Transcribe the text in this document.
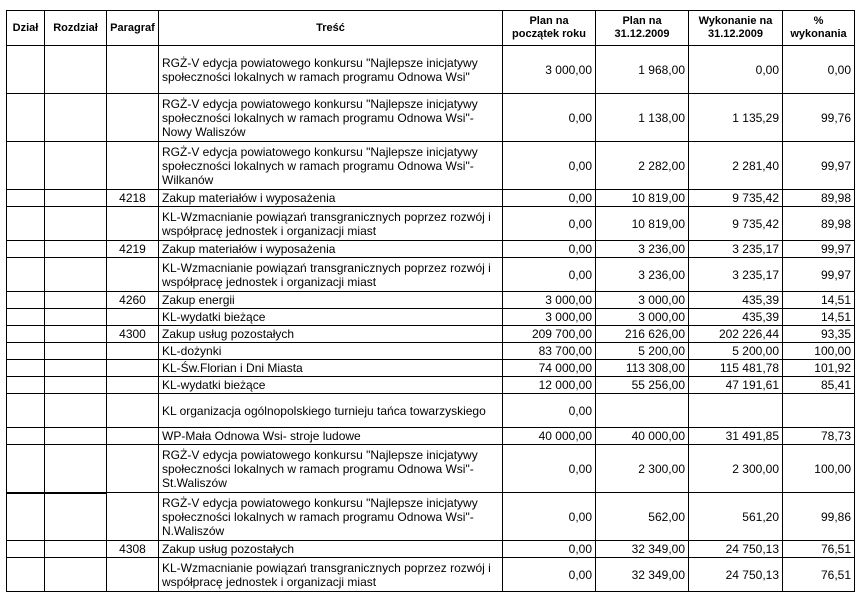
Dział	Rozdział	Paragraf	Treść	Plan na początek roku	Plan na 31.12.2009	Wykonanie na 31.12.2009	% wykonania

			RGŻ-V edycja powiatowego konkursu "Najlepsze inicjatywy społeczności lokalnych w ramach programu Odnowa Wsi"	3 000,00	1 968,00	0,00	0,00

			RGŻ-V edycja powiatowego konkursu "Najlepsze inicjatywy społeczności lokalnych w ramach programu Odnowa Wsi"-Nowy Waliszów	0,00	1 138,00	1 135,29	99,76

			RGŻ-V edycja powiatowego konkursu "Najlepsze inicjatywy społeczności lokalnych w ramach programu Odnowa Wsi"-Wilkanów	0,00	2 282,00	2 281,40	99,97
		4218	Zakup materiałów i wyposażenia	0,00	10 819,00	9 735,42	89,98

			KL-Wzmacnianie powiązań transgranicznych poprzez rozwój i współpracę jednostek i organizacji miast	0,00	10 819,00	9 735,42	89,98
		4219	Zakup materiałów i wyposażenia	0,00	3 236,00	3 235,17	99,97

			KL-Wzmacnianie powiązań transgranicznych poprzez rozwój i współpracę jednostek i organizacji miast	0,00	3 236,00	3 235,17	99,97
		4260	Zakup energii	3 000,00	3 000,00	435,39	14,51
			KL-wydatki bieżące	3 000,00	3 000,00	435,39	14,51
		4300	Zakup usług pozostałych	209 700,00	216 626,00	202 226,44	93,35
			KL-dożynki	83 700,00	5 200,00	5 200,00	100,00
			KL-Św.Florian i Dni Miasta	74 000,00	113 308,00	115 481,78	101,92
			KL-wydatki bieżące	12 000,00	55 256,00	47 191,61	85,41

			KL organizacja ogólnopolskiego turnieju tańca towarzyskiego	0,00			
			WP-Mała Odnowa Wsi- stroje ludowe	40 000,00	40 000,00	31 491,85	78,73

			RGŻ-V edycja powiatowego konkursu "Najlepsze inicjatywy społeczności lokalnych w ramach programu Odnowa Wsi"- St.Waliszów	0,00	2 300,00	2 300,00	100,00

			RGŻ-V edycja powiatowego konkursu "Najlepsze inicjatywy społeczności lokalnych w ramach programu Odnowa Wsi"- N.Waliszów	0,00	562,00	561,20	99,86
		4308	Zakup usług pozostałych	0,00	32 349,00	24 750,13	76,51

			KL-Wzmacnianie powiązań transgranicznych poprzez rozwój i współpracę jednostek i organizacji miast	0,00	32 349,00	24 750,13	76,51
